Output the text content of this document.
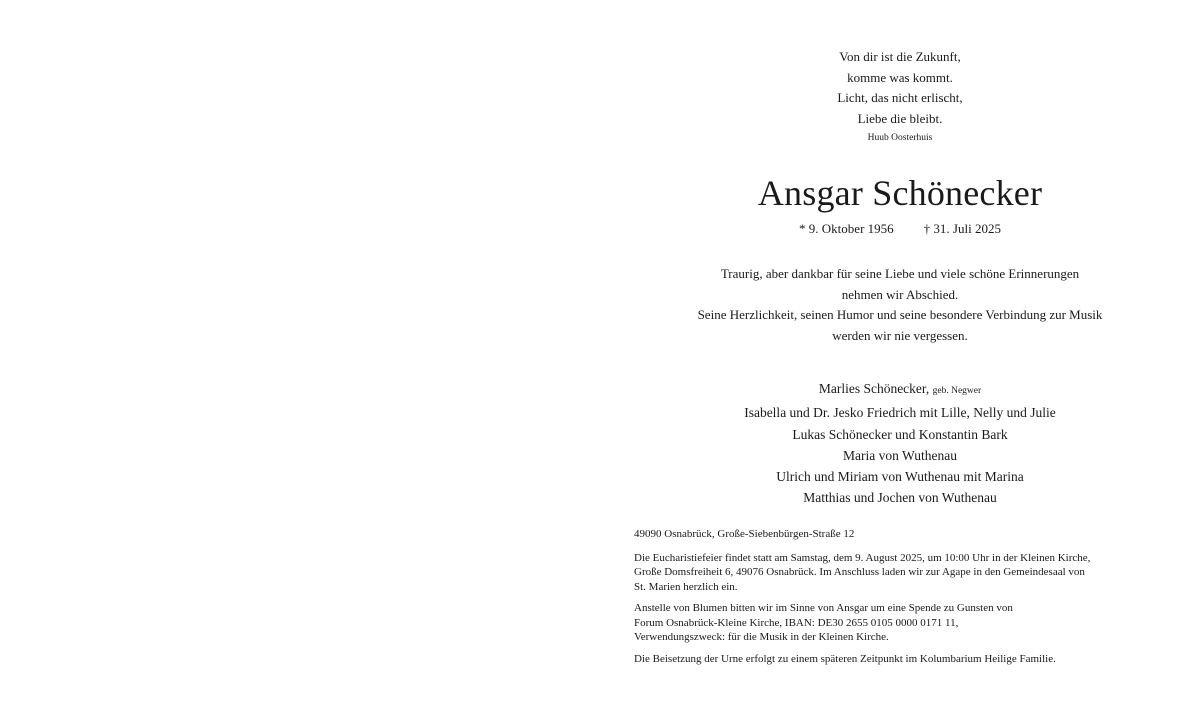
Von dir ist die Zukunft,

komme was kommt.

Licht, das nicht erlischt,

Liebe die bleibt.

Huub Oosterhuis

Ansgar Schönecker
* 9. Oktober 1956 † 31. Juli 2025

Traurig, aber dankbar für seine Liebe und viele schöne Erinnerungen

nehmen wir Abschied.

Seine Herzlichkeit, seinen Humor und seine besondere Verbindung zur Musik

werden wir nie vergessen.

Marlies Schönecker, geb. Negwer

Isabella und Dr. Jesko Friedrich mit Lille, Nelly und Julie

Lukas Schönecker und Konstantin Bark

Maria von Wuthenau

Ulrich und Miriam von Wuthenau mit Marina

Matthias und Jochen von Wuthenau

49090 Osnabrück, Große-Siebenbürgen-Straße 12

Die Eucharistiefeier findet statt am Samstag, dem 9. August 2025, um 10:00 Uhr in der Kleinen Kirche,
Große Domsfreiheit 6, 49076 Osnabrück. Im Anschluss laden wir zur Agape in den Gemeindesaal von
St. Marien herzlich ein.

Anstelle von Blumen bitten wir im Sinne von Ansgar um eine Spende zu Gunsten von
Forum Osnabrück-Kleine Kirche, IBAN: DE30 2655 0105 0000 0171 11,
Verwendungszweck: für die Musik in der Kleinen Kirche.

Die Beisetzung der Urne erfolgt zu einem späteren Zeitpunkt im Kolumbarium Heilige Familie.
